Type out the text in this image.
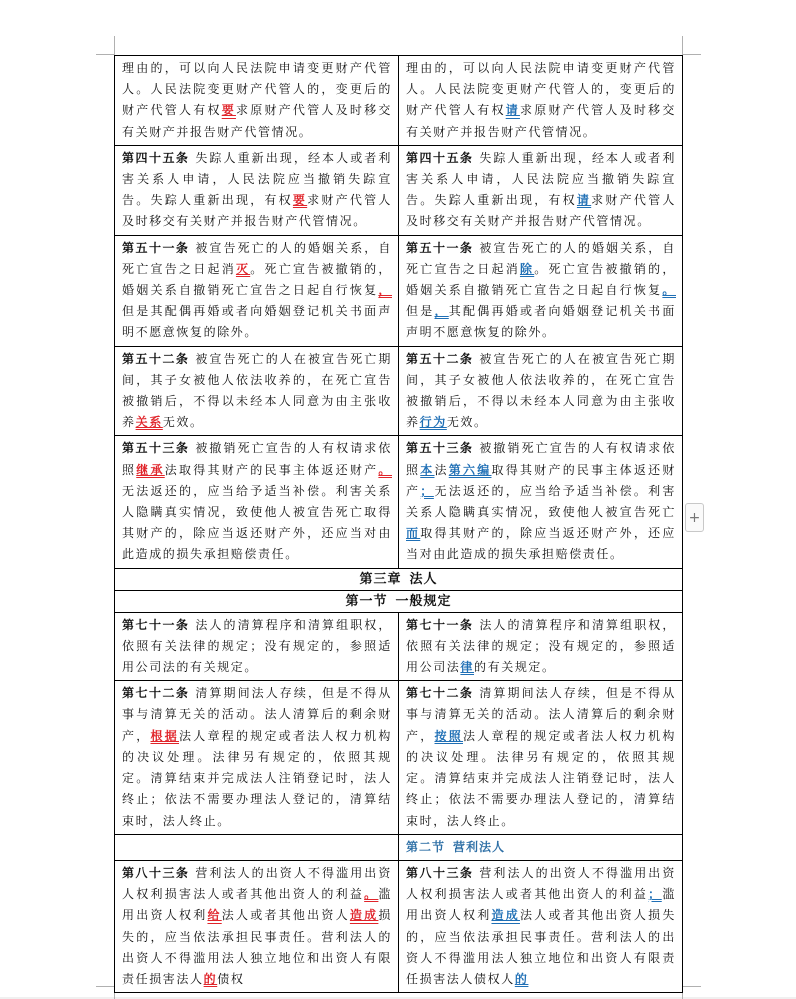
理由的，可以向人民法院申请变更财产代管人。人民法院变更财产代管人的，变更后的财产代管人有权要求原财产代管人及时移交有关财产并报告财产代管情况。	理由的，可以向人民法院申请变更财产代管人。人民法院变更财产代管人的，变更后的财产代管人有权请求原财产代管人及时移交有关财产并报告财产代管情况。
第四十五条 失踪人重新出现，经本人或者利害关系人申请，人民法院应当撤销失踪宣告。失踪人重新出现，有权要求财产代管人及时移交有关财产并报告财产代管情况。	第四十五条 失踪人重新出现，经本人或者利害关系人申请，人民法院应当撤销失踪宣告。失踪人重新出现，有权请求财产代管人及时移交有关财产并报告财产代管情况。
第五十一条 被宣告死亡的人的婚姻关系，自死亡宣告之日起消灭。死亡宣告被撤销的，婚姻关系自撤销死亡宣告之日起自行恢复，但是其配偶再婚或者向婚姻登记机关书面声明不愿意恢复的除外。	第五十一条 被宣告死亡的人的婚姻关系，自死亡宣告之日起消除。死亡宣告被撤销的，婚姻关系自撤销死亡宣告之日起自行恢复。但是，其配偶再婚或者向婚姻登记机关书面声明不愿意恢复的除外。
第五十二条 被宣告死亡的人在被宣告死亡期间，其子女被他人依法收养的，在死亡宣告被撤销后，不得以未经本人同意为由主张收养关系无效。	第五十二条 被宣告死亡的人在被宣告死亡期间，其子女被他人依法收养的，在死亡宣告被撤销后，不得以未经本人同意为由主张收养行为无效。
第五十三条 被撤销死亡宣告的人有权请求依照继承法取得其财产的民事主体返还财产。无法返还的，应当给予适当补偿。利害关系人隐瞒真实情况，致使他人被宣告死亡取得其财产的，除应当返还财产外，还应当对由此造成的损失承担赔偿责任。	第五十三条 被撤销死亡宣告的人有权请求依照本法第六编取得其财产的民事主体返还财产；无法返还的，应当给予适当补偿。利害关系人隐瞒真实情况，致使他人被宣告死亡而取得其财产的，除应当返还财产外，还应当对由此造成的损失承担赔偿责任。
第三章 法人	
第一节 一般规定	
第七十一条 法人的清算程序和清算组职权，依照有关法律的规定；没有规定的，参照适用公司法的有关规定。	第七十一条 法人的清算程序和清算组职权，依照有关法律的规定；没有规定的，参照适用公司法律的有关规定。
第七十二条 清算期间法人存续，但是不得从事与清算无关的活动。法人清算后的剩余财产，根据法人章程的规定或者法人权力机构的决议处理。法律另有规定的，依照其规定。清算结束并完成法人注销登记时，法人终止；依法不需要办理法人登记的，清算结束时，法人终止。	第七十二条 清算期间法人存续，但是不得从事与清算无关的活动。法人清算后的剩余财产，按照法人章程的规定或者法人权力机构的决议处理。法律另有规定的，依照其规定。清算结束并完成法人注销登记时，法人终止；依法不需要办理法人登记的，清算结束时，法人终止。
	第二节 营利法人
第八十三条 营利法人的出资人不得滥用出资人权利损害法人或者其他出资人的利益。滥用出资人权利给法人或者其他出资人造成损失的，应当依法承担民事责任。营利法人的出资人不得滥用法人独立地位和出资人有限责任损害法人的债权	第八十三条 营利法人的出资人不得滥用出资人权利损害法人或者其他出资人的利益；滥用出资人权利造成法人或者其他出资人损失的，应当依法承担民事责任。营利法人的出资人不得滥用法人独立地位和出资人有限责任损害法人债权人的
+
